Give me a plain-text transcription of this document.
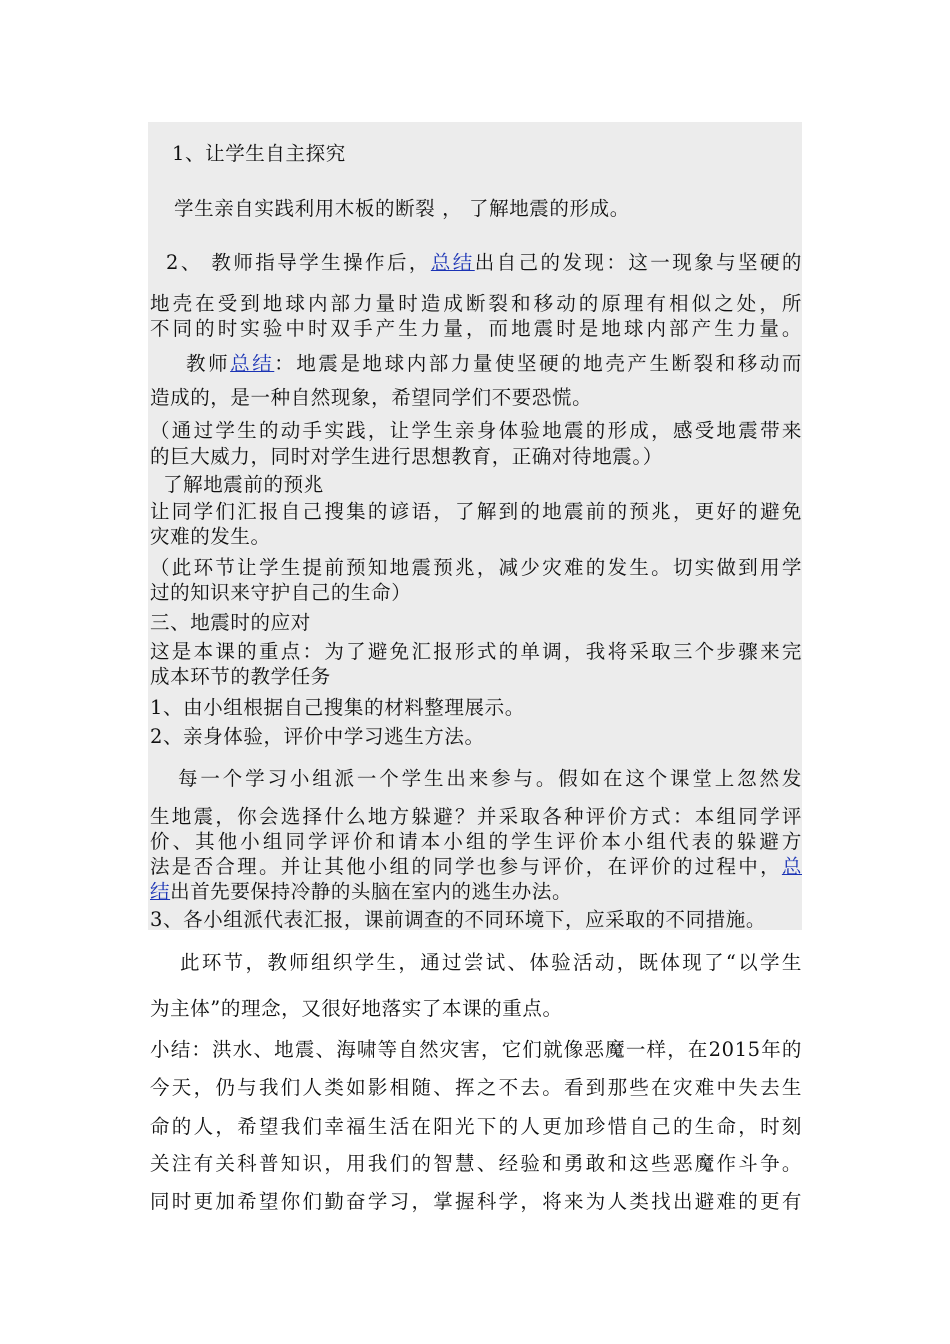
1、让学生自主探究

学生亲自实践利用木板的断裂 ， 了解地震的形成。

2、 教师指导学生操作后，总结出自己的发现：这一现象与坚硬的

地壳在受到地球内部力量时造成断裂和移动的原理有相似之处，所

不同的时实验中时双手产生力量，而地震时是地球内部产生力量。

教师总结：地震是地球内部力量使坚硬的地壳产生断裂和移动而

造成的，是一种自然现象，希望同学们不要恐慌。

（通过学生的动手实践，让学生亲身体验地震的形成，感受地震带来

的巨大威力，同时对学生进行思想教育，正确对待地震。）

了解地震前的预兆

让同学们汇报自己搜集的谚语，了解到的地震前的预兆，更好的避免

灾难的发生。

（此环节让学生提前预知地震预兆，减少灾难的发生。切实做到用学

过的知识来守护自己的生命）

三、地震时的应对

这是本课的重点：为了避免汇报形式的单调，我将采取三个步骤来完

成本环节的教学任务

1、由小组根据自己搜集的材料整理展示。

2、亲身体验，评价中学习逃生方法。

每一个学习小组派一个学生出来参与。假如在这个课堂上忽然发

生地震，你会选择什么地方躲避？并采取各种评价方式：本组同学评

价、其他小组同学评价和请本小组的学生评价本小组代表的躲避方

法是否合理。并让其他小组的同学也参与评价，在评价的过程中，总

结出首先要保持冷静的头脑在室内的逃生办法。

3、各小组派代表汇报，课前调查的不同环境下，应采取的不同措施。

此环节，教师组织学生，通过尝试、体验活动，既体现了“以学生

为主体”的理念，又很好地落实了本课的重点。

小结：洪水、地震、海啸等自然灾害，它们就像恶魔一样，在2015年的

今天，仍与我们人类如影相随、挥之不去。看到那些在灾难中失去生

命的人，希望我们幸福生活在阳光下的人更加珍惜自己的生命，时刻

关注有关科普知识，用我们的智慧、经验和勇敢和这些恶魔作斗争。

同时更加希望你们勤奋学习，掌握科学，将来为人类找出避难的更有
